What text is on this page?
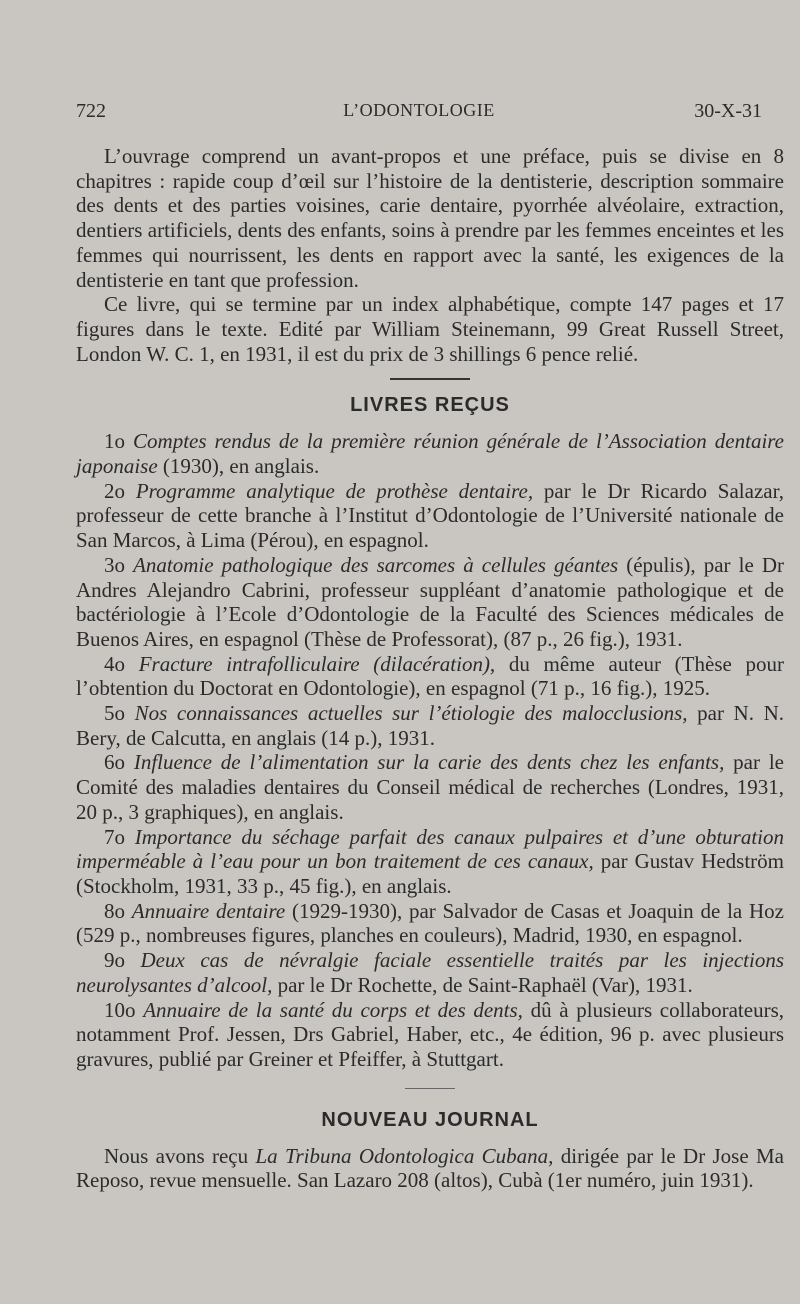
722	L’ODONTOLOGIE	30-X-31

L’ouvrage comprend un avant-propos et une préface, puis se divise en 8 chapitres : rapide coup d’œil sur l’histoire de la dentisterie, description sommaire des dents et des parties voisines, carie dentaire, pyorrhée alvéolaire, extraction, dentiers artificiels, dents des enfants, soins à prendre par les femmes enceintes et les femmes qui nourrissent, les dents en rapport avec la santé, les exigences de la dentisterie en tant que profession.

Ce livre, qui se termine par un index alphabétique, compte 147 pages et 17 figures dans le texte. Edité par William Steinemann, 99 Great Russell Street, London W. C. 1, en 1931, il est du prix de 3 shillings 6 pence relié.

LIVRES REÇUS

1o Comptes rendus de la première réunion générale de l’Association dentaire japonaise (1930), en anglais.

2o Programme analytique de prothèse dentaire, par le Dr Ricardo Salazar, professeur de cette branche à l’Institut d’Odontologie de l’Université nationale de San Marcos, à Lima (Pérou), en espagnol.

3o Anatomie pathologique des sarcomes à cellules géantes (épulis), par le Dr Andres Alejandro Cabrini, professeur suppléant d’anatomie pathologique et de bactériologie à l’Ecole d’Odontologie de la Faculté des Sciences médicales de Buenos Aires, en espagnol (Thèse de Professorat), (87 p., 26 fig.), 1931.

4o Fracture intrafolliculaire (dilacération), du même auteur (Thèse pour l’obtention du Doctorat en Odontologie), en espagnol (71 p., 16 fig.), 1925.

5o Nos connaissances actuelles sur l’étiologie des malocclusions, par N. N. Bery, de Calcutta, en anglais (14 p.), 1931.

6o Influence de l’alimentation sur la carie des dents chez les enfants, par le Comité des maladies dentaires du Conseil médical de recherches (Londres, 1931, 20 p., 3 graphiques), en anglais.

7o Importance du séchage parfait des canaux pulpaires et d’une obturation imperméable à l’eau pour un bon traitement de ces canaux, par Gustav Hedström (Stockholm, 1931, 33 p., 45 fig.), en anglais.

8o Annuaire dentaire (1929-1930), par Salvador de Casas et Joaquin de la Hoz (529 p., nombreuses figures, planches en couleurs), Madrid, 1930, en espagnol.

9o Deux cas de névralgie faciale essentielle traités par les injections neurolysantes d’alcool, par le Dr Rochette, de Saint-Raphaël (Var), 1931.

10o Annuaire de la santé du corps et des dents, dû à plusieurs collaborateurs, notamment Prof. Jessen, Drs Gabriel, Haber, etc., 4e édition, 96 p. avec plusieurs gravures, publié par Greiner et Pfeiffer, à Stuttgart.

NOUVEAU JOURNAL

Nous avons reçu La Tribuna Odontologica Cubana, dirigée par le Dr Jose Ma Reposo, revue mensuelle. San Lazaro 208 (altos), Cubà (1er numéro, juin 1931).
